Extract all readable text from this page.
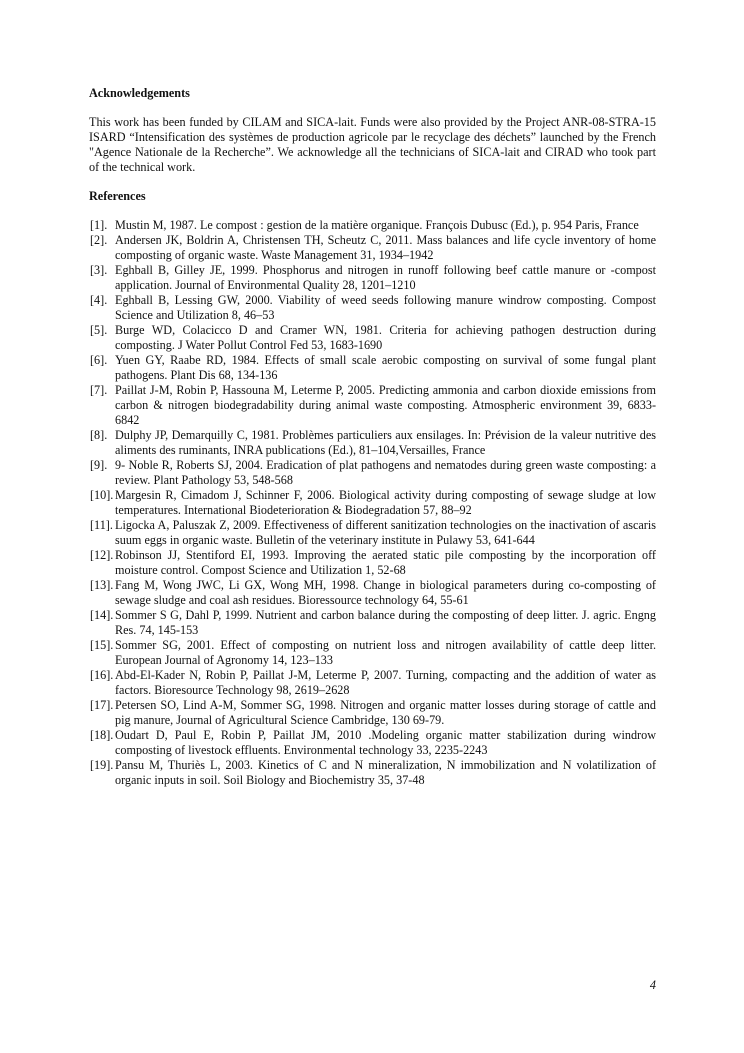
Acknowledgements

This work has been funded by CILAM and SICA-lait. Funds were also provided by the Project ANR-08-STRA-15 ISARD “Intensification des systèmes de production agricole par le recyclage des déchets” launched by the French "Agence Nationale de la Recherche”. We acknowledge all the technicians of SICA-lait and CIRAD who took part of the technical work.

References
[1]. Mustin M, 1987. Le compost : gestion de la matière organique. François Dubusc (Ed.), p. 954 Paris, France
[2]. Andersen JK, Boldrin A, Christensen TH, Scheutz C, 2011. Mass balances and life cycle inventory of home composting of organic waste. Waste Management 31, 1934–1942
[3]. Eghball B, Gilley JE, 1999. Phosphorus and nitrogen in runoff following beef cattle manure or -compost application. Journal of Environmental Quality 28, 1201–1210
[4]. Eghball B, Lessing GW, 2000. Viability of weed seeds following manure windrow composting. Compost Science and Utilization 8, 46–53
[5]. Burge WD, Colacicco D and Cramer WN, 1981. Criteria for achieving pathogen destruction during composting. J Water Pollut Control Fed 53, 1683-1690
[6]. Yuen GY, Raabe RD, 1984. Effects of small scale aerobic composting on survival of some fungal plant pathogens. Plant Dis 68, 134-136
[7]. Paillat J-M, Robin P, Hassouna M, Leterme P, 2005. Predicting ammonia and carbon dioxide emissions from carbon & nitrogen biodegradability during animal waste composting. Atmospheric environment 39, 6833-6842
[8]. Dulphy JP, Demarquilly C, 1981. Problèmes particuliers aux ensilages. In: Prévision de la valeur nutritive des aliments des ruminants, INRA publications (Ed.), 81–104,Versailles, France
[9]. 9- Noble R, Roberts SJ, 2004. Eradication of plat pathogens and nematodes during green waste composting: a review. Plant Pathology 53, 548-568
[10]. Margesin R, Cimadom J, Schinner F, 2006. Biological activity during composting of sewage sludge at low temperatures. International Biodeterioration & Biodegradation 57, 88–92
[11]. Ligocka A, Paluszak Z, 2009. Effectiveness of different sanitization technologies on the inactivation of ascaris suum eggs in organic waste. Bulletin of the veterinary institute in Pulawy 53, 641-644
[12]. Robinson JJ, Stentiford EI, 1993. Improving the aerated static pile composting by the incorporation off moisture control. Compost Science and Utilization 1, 52-68
[13]. Fang M, Wong JWC, Li GX, Wong MH, 1998. Change in biological parameters during co-composting of sewage sludge and coal ash residues. Bioressource technology 64, 55-61
[14]. Sommer S G, Dahl P, 1999. Nutrient and carbon balance during the composting of deep litter. J. agric. Engng Res. 74, 145-153
[15]. Sommer SG, 2001. Effect of composting on nutrient loss and nitrogen availability of cattle deep litter. European Journal of Agronomy 14, 123–133
[16]. Abd-El-Kader N, Robin P, Paillat J-M, Leterme P, 2007. Turning, compacting and the addition of water as factors. Bioresource Technology 98, 2619–2628
[17]. Petersen SO, Lind A-M, Sommer SG, 1998. Nitrogen and organic matter losses during storage of cattle and pig manure, Journal of Agricultural Science Cambridge, 130 69-79.
[18]. Oudart D, Paul E, Robin P, Paillat JM, 2010 .Modeling organic matter stabilization during windrow composting of livestock effluents. Environmental technology 33, 2235-2243
[19]. Pansu M, Thuriès L, 2003. Kinetics of C and N mineralization, N immobilization and N volatilization of organic inputs in soil. Soil Biology and Biochemistry 35, 37-48
4
